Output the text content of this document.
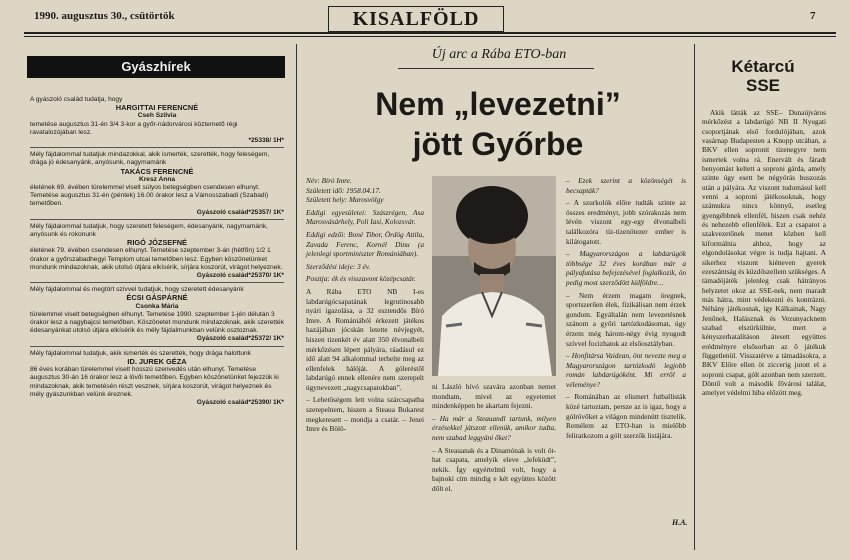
1990. augusztus 30., csütörtök	KISALFÖLD	7
Gyászhírek

A gyászoló család tudatja, hogy

HARGITTAI FERENCNÉ

Cseh Szilvia

temetése augusztus 31-én 3/4 3-kor a győr-nádorvárosi köztemető régi ravatalozójában lesz.

*25338/ 1H*

Mély fájdalommal tudatjuk mindazokkal, akik ismerték, szerették, hogy feleségem, drága jó édesanyánk, anyósunk, nagymamánk

TAKÁCS FERENCNÉ

Kresz Anna

életének 69. évében türelemmel viselt súlyos betegségben csendesen elhunyt. Temetése augusztus 31-én (péntek) 16.00 órakor lesz a Vámosszabadi (Szabadi) temetőben.

Gyászoló család*25357/ 1K*

Mély fájdalommal tudatjuk, hogy szeretett feleségem, édesanyánk, nagymamánk, anyósunk és rokonunk

RIGÓ JÓZSEFNÉ

életének 79. évében csendesen elhunyt. Temetése szeptember 3-án (hétfőn) 1/2 1 órakor a győrszabadhegyi Templom utcai temetőben lesz. Egyben köszönetünket mondunk mindazoknak, akik utolsó útjára elkísérik, sírjára koszorút, virágot helyeznek.

Gyászoló család*25370/ 1K*

Mély fájdalommal és megtört szívvel tudatjuk, hogy szeretett édesanyánk

ÉCSI GÁSPÁRNÉ

Csonka Mária

türelemmel viselt betegségben elhunyt. Temetése 1990. szeptember 1-jén délután 3 órakor lesz a nagybajcsi temetőben. Köszönetet mondunk mindazoknak, akik szerették édesanyánkat utolsó útjára elkísérik és mély fájdalmunkban velünk osztoznak.

Gyászoló család*25372/ 1K*

Mély fájdalommal tudatjuk, akik ismerték és szerették, hogy drága halottunk

ID. JUREK GÉZA

86 éves korában türelemmel viselt hosszú szenvedés után elhunyt. Temetése augusztus 30-án 16 órakor lesz a lövői temetőben. Egyben köszönetünket fejezzük ki mindazoknak, akik temetésén részt vesznek, sírjára koszorút, virágot helyeznek és mély gyászunkban velünk éreznek.

Gyászoló család*25390/ 1K*

Új arc a Rába ETO-ban
Nem „levezetni”
jött Győrbe

Név: Bíró Imre.

Született idő: 1958.04.17.

Született hely: Marosvölgy

Eddigi egyesületei: Szászrégen, Asa Marosvásárhely, Poli Iasi, Kolozsvár.

Eddigi edzői: Boné Tibor, Ördög Attila, Zavada Ferenc, Kornél Dinu (a jelenlegi sportminiszter Romániában).

Szerződési ideje: 3 év.

Posztja: ék és visszavont középcsatár.

A Rába ETO NB I-es labdarúgócsapatának legrutinosabb nyári igazolása, a 32 esztendős Bíró Imre. A Romániából érkezett játékos hazájában jócskán letette névjegyét, hiszen tizenkét év alatt 350 élvonalbeli mérkőzésen lépett pályára, ráadásul ez idő alatt 94 alkalommal terhelte meg az ellenfelek hálóját. A góleréstől labdarúgó ennek ellenére nem szerepelt úgynevezett „nagycsapatokban”.

– Lehetőségem lett volna szárcsapatba szerepelnem, hiszen a Steaua Bukarest megkeresett – mondja a csatár. – Jenei Imre és Bölö-

ni László hívó szavára azonban nemet mondtam, mivel az egyetemet mindenképpen be akartam fejezni.

– Ha már a Steauandl tartunk, milyen érzésekkel játszott ellenük, amikor tudta, nem szabad leggyáni őket?

– A Steauanak és a Dinamónak is volt öt-hat csapata, amelyik eleve „lefeküdt”, nekik. Így egyértelmű volt, hogy a bajnoki cím mindig e két együttes között dőlt el.

– Ezek szerint a közönségét is becsapták?

– A szurkolók előre tudták szinte az összes eredményt, jobb szórakozás nem lévén viszont egy-egy élvonalbeli találkozóra tíz-tizenötezer ember is kilátogatott.

– Magyarországon a labdarúgók többsége 32 éves korában már a pályafutása befejezésével foglalkozik, ön pedig most szerződött külföldre…

– Nem érzem magam öregnek, sportszerűen élek, fizikálisan nem érzek gondom. Egyáltalán nem levezetésnek szánom a győri tartózkodásomat, úgy érzem még három-négy évig nyugodt szívvel focizhatok az elsőosztályban.

– Honfitársa Vaidean, önt nevezte meg a Magyarországon tartózkodó legjobb román labdarúgóként. Mi erről a véleménye?

– Románában az elismert futballisták közé tartoztam, persze az is igaz, hogy a gólrövőket a világon mindenütt tisztelik. Remélem az ETO-ban is mielőbb feliratkozom a gólt szerzők listájára.

H.A.
Kétarcú
SSE

Akik látták az SSE– Dunaújváros mérkőzést a labdarúgó NB II Nyugati csoportjának első fordulójában, azok vasárnap Budapesten a Knopp utcában, a BKV ellen sopronit tizenegyre nem ismertek volna rá. Enervált és fáradt benyomást keltett a soproni gárda, amely szinte úgy esett be négyórás buszozás után a pályára. Az viszont tudomásul kell venni a soproni játékosoknak, hogy számukra nincs könnyű, esetleg gyengébbnek ellenfél, hiszen csak nehéz és nehezebb ellenfélek. Ezt a csapatot a szakvezetőnek menet közben kell kiformálnia ahhoz, hogy az elgondolásokat végre is tudja hajtani. A sikerhez viszont kiéneven gyerek ezeszántság és küzdőszellem szükséges. A támadójáték jelenleg csak hátrányos helyzetet okoz az SSE-nek, nem maradt más hátra, mint védekezni és kontrázni. Néhány játékosnak, így Kálkainak, Nagy Jenőnek, Halásznak és Vezunyacknem szabad elszürkülnie, mert a kényszerhatalításon átesett együttes erédményre elsősorban az ő játékuk függetlenül. Visszatérve a támadásokra, a BKV Előre ellen öt ziccerig jutott el a soproni csapat, gólt azonban nem szerzett. Döntő volt a második fővárosi találat, amelyet védelmi hiba előzött meg.
